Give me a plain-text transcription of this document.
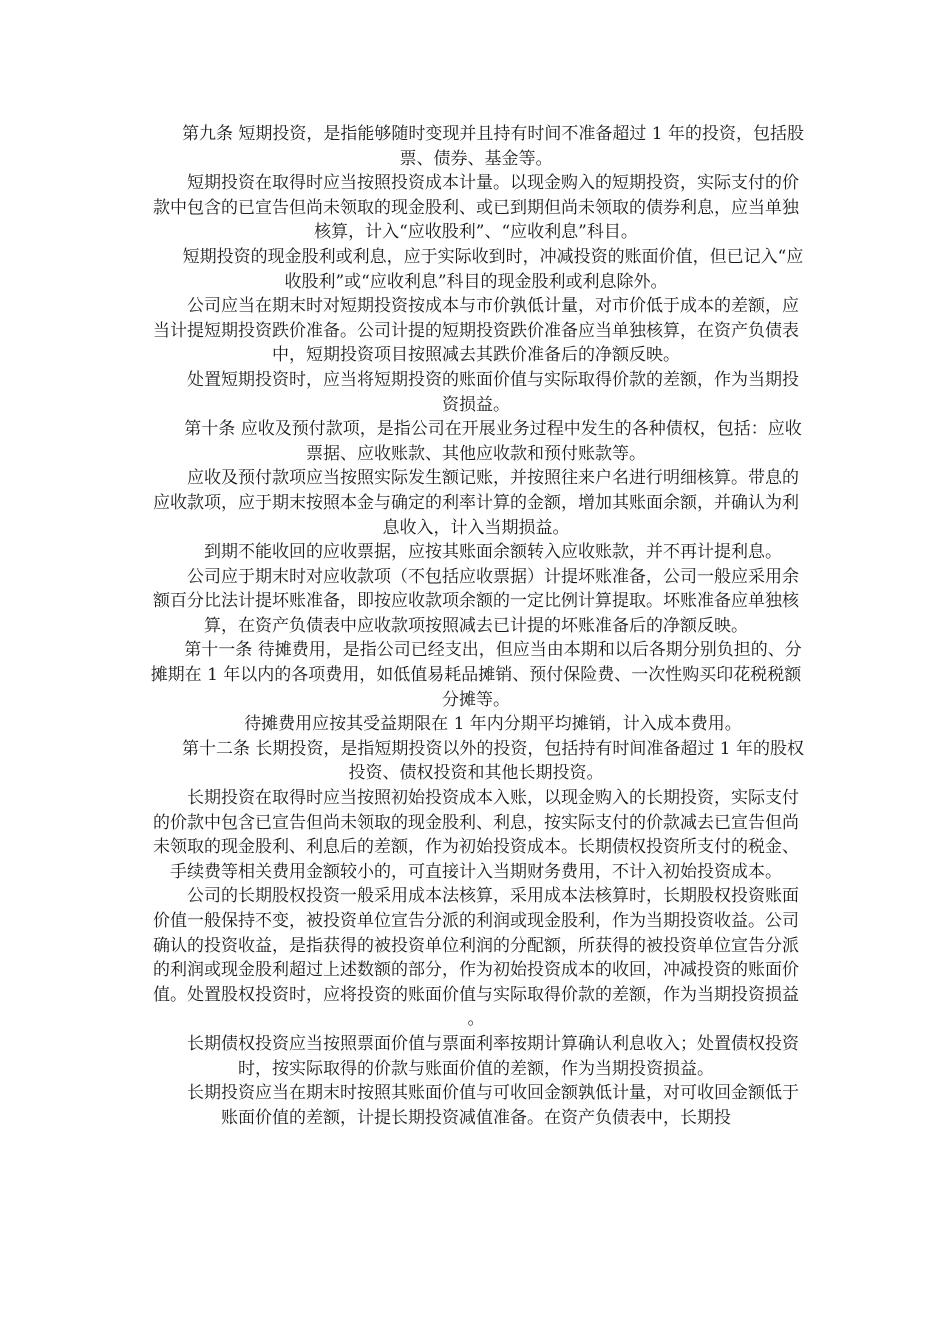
第九条 短期投资，是指能够随时变现并且持有时间不准备超过 1 年的投资，包括股票、债券、基金等。

短期投资在取得时应当按照投资成本计量。以现金购入的短期投资，实际支付的价款中包含的已宣告但尚未领取的现金股利、或已到期但尚未领取的债券利息，应当单独核算，计入“应收股利”、“应收利息”科目。

短期投资的现金股利或利息，应于实际收到时，冲减投资的账面价值，但已记入“应收股利”或“应收利息”科目的现金股利或利息除外。

公司应当在期末时对短期投资按成本与市价孰低计量，对市价低于成本的差额，应当计提短期投资跌价准备。公司计提的短期投资跌价准备应当单独核算，在资产负债表中，短期投资项目按照减去其跌价准备后的净额反映。

处置短期投资时，应当将短期投资的账面价值与实际取得价款的差额，作为当期投资损益。

第十条 应收及预付款项，是指公司在开展业务过程中发生的各种债权，包括：应收票据、应收账款、其他应收款和预付账款等。

应收及预付款项应当按照实际发生额记账，并按照往来户名进行明细核算。带息的应收款项，应于期末按照本金与确定的利率计算的金额，增加其账面余额，并确认为利息收入，计入当期损益。

到期不能收回的应收票据，应按其账面余额转入应收账款，并不再计提利息。

公司应于期末时对应收款项（不包括应收票据）计提坏账准备，公司一般应采用余额百分比法计提坏账准备，即按应收款项余额的一定比例计算提取。坏账准备应单独核算，在资产负债表中应收款项按照减去已计提的坏账准备后的净额反映。

第十一条 待摊费用，是指公司已经支出，但应当由本期和以后各期分别负担的、分摊期在 1 年以内的各项费用，如低值易耗品摊销、预付保险费、一次性购买印花税税额分摊等。

待摊费用应按其受益期限在 1 年内分期平均摊销，计入成本费用。

第十二条 长期投资，是指短期投资以外的投资，包括持有时间准备超过 1 年的股权投资、债权投资和其他长期投资。

长期投资在取得时应当按照初始投资成本入账，以现金购入的长期投资，实际支付的价款中包含已宣告但尚未领取的现金股利、利息，按实际支付的价款减去已宣告但尚未领取的现金股利、利息后的差额，作为初始投资成本。长期债权投资所支付的税金、手续费等相关费用金额较小的，可直接计入当期财务费用，不计入初始投资成本。

公司的长期股权投资一般采用成本法核算，采用成本法核算时，长期股权投资账面价值一般保持不变，被投资单位宣告分派的利润或现金股利，作为当期投资收益。公司确认的投资收益，是指获得的被投资单位利润的分配额，所获得的被投资单位宣告分派的利润或现金股利超过上述数额的部分，作为初始投资成本的收回，冲减投资的账面价值。处置股权投资时，应将投资的账面价值与实际取得价款的差额，作为当期投资损益。

长期债权投资应当按照票面价值与票面利率按期计算确认利息收入；处置债权投资时，按实际取得的价款与账面价值的差额，作为当期投资损益。

长期投资应当在期末时按照其账面价值与可收回金额孰低计量，对可收回金额低于账面价值的差额，计提长期投资减值准备。在资产负债表中，长期投
